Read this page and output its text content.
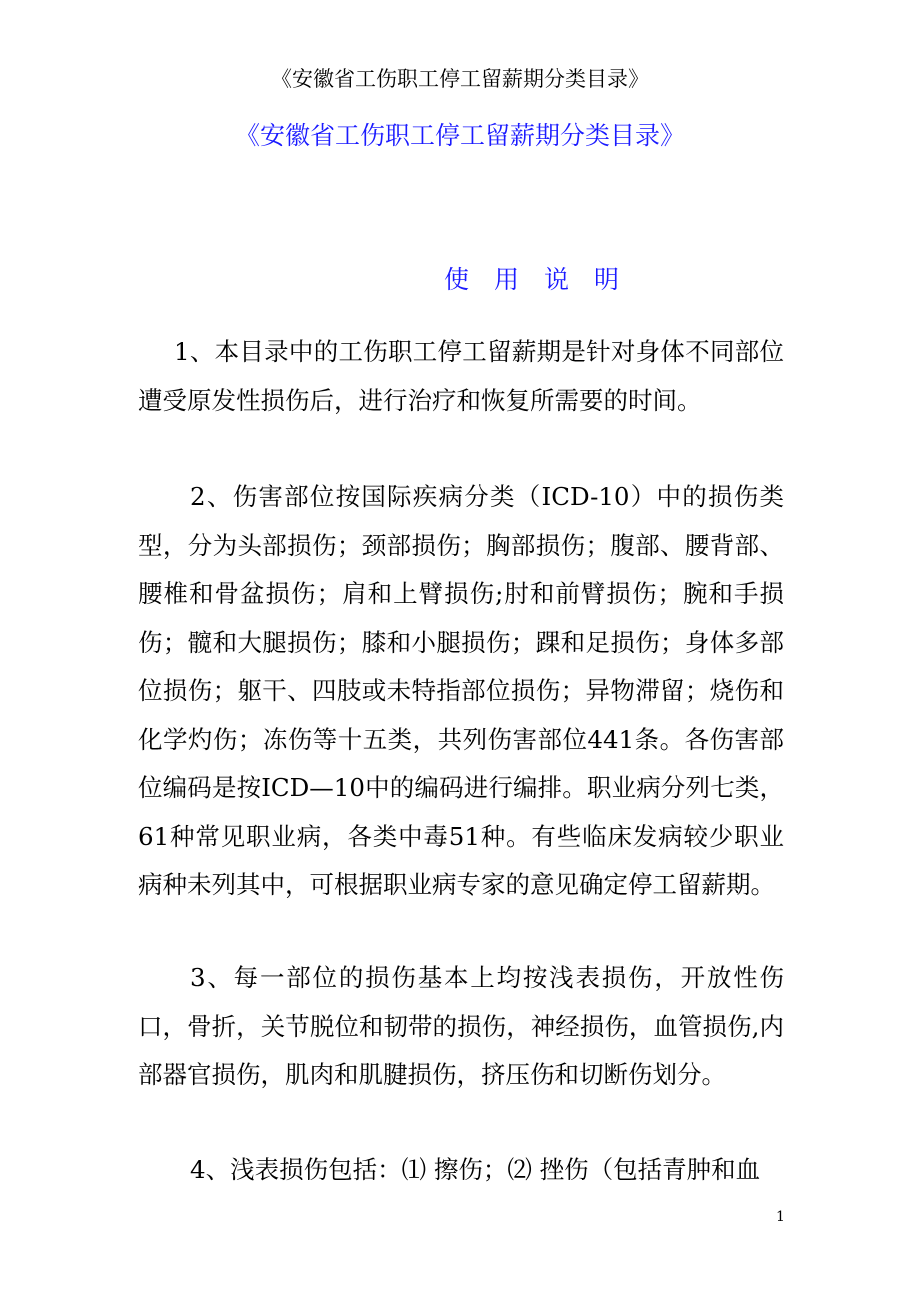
《安徽省工伤职工停工留薪期分类目录》
《安徽省工伤职工停工留薪期分类目录》
使用说明

1、本目录中的工伤职工停工留薪期是针对身体不同部位遭受原发性损伤后，进行治疗和恢复所需要的时间。

2、伤害部位按国际疾病分类（ICD-10）中的损伤类型，分为头部损伤；颈部损伤；胸部损伤；腹部、腰背部、腰椎和骨盆损伤；肩和上臂损伤;肘和前臂损伤；腕和手损伤；髋和大腿损伤；膝和小腿损伤；踝和足损伤；身体多部位损伤；躯干、四肢或未特指部位损伤；异物滞留；烧伤和化学灼伤；冻伤等十五类，共列伤害部位441条。各伤害部位编码是按ICD—10中的编码进行编排。职业病分列七类，61种常见职业病，各类中毒51种。有些临床发病较少职业病种未列其中，可根据职业病专家的意见确定停工留薪期。

3、每一部位的损伤基本上均按浅表损伤，开放性伤口，骨折，关节脱位和韧带的损伤，神经损伤，血管损伤,内部器官损伤，肌肉和肌腱损伤，挤压伤和切断伤划分。

4、浅表损伤包括：⑴ 擦伤；⑵ 挫伤（包括青肿和血

1
